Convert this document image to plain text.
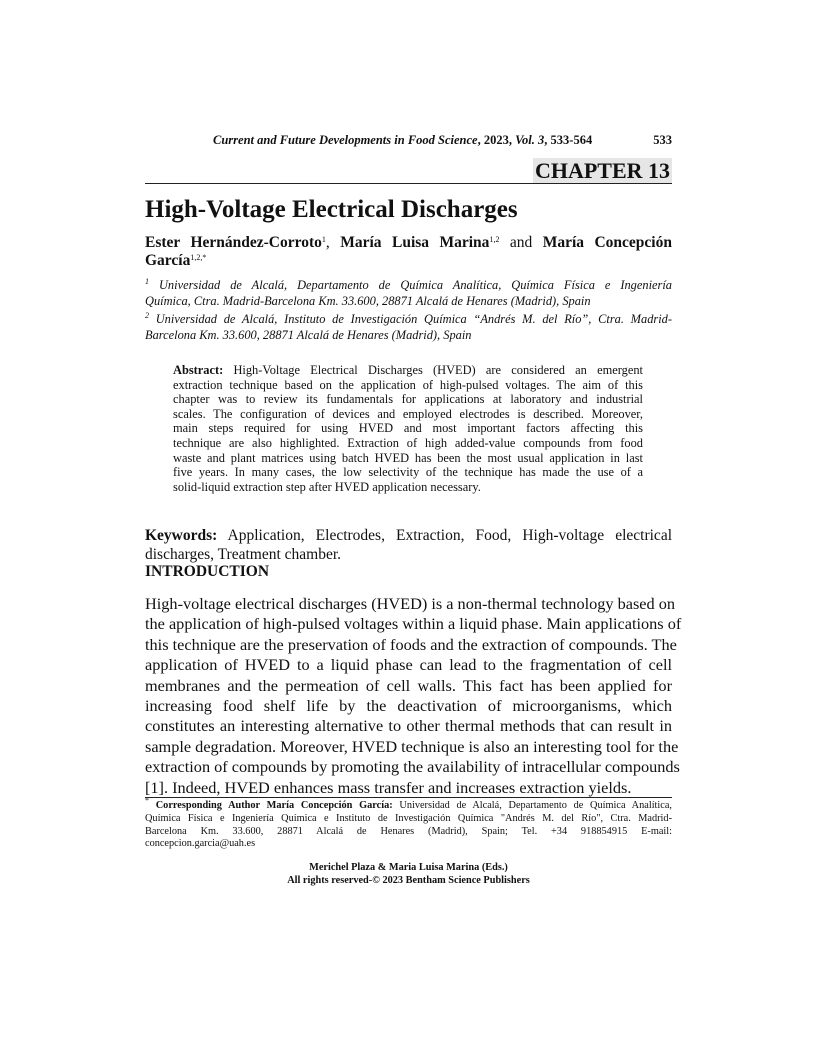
Current and Future Developments in Food Science, 2023, Vol. 3, 533-564	533
CHAPTER 13
High-Voltage Electrical Discharges
Ester Hernández-Corroto$^1$, María Luisa Marina$^{1,2}$ and María Concepción
García$^{1,2,*}$
$^1$ Universidad de Alcalá, Departamento de Química Analítica, Química Física e Ingeniería
Química, Ctra. Madrid-Barcelona Km. 33.600, 28871 Alcalá de Henares (Madrid), Spain
$^2$ Universidad de Alcalá, Instituto de Investigación Química “Andrés M. del Río”, Ctra. Madrid-
Barcelona Km. 33.600, 28871 Alcalá de Henares (Madrid), Spain
Abstract: High-Voltage Electrical Discharges (HVED) are considered an emergent
extraction technique based on the application of high-pulsed voltages. The aim of this
chapter was to review its fundamentals for applications at laboratory and industrial
scales. The configuration of devices and employed electrodes is described. Moreover,
main steps required for using HVED and most important factors affecting this
technique are also highlighted. Extraction of high added-value compounds from food
waste and plant matrices using batch HVED has been the most usual application in last
five years. In many cases, the low selectivity of the technique has made the use of a
solid-liquid extraction step after HVED application necessary.
Keywords: Application, Electrodes, Extraction, Food, High-voltage electrical
discharges, Treatment chamber.
INTRODUCTION
High-voltage electrical discharges (HVED) is a non-thermal technology based on
the application of high-pulsed voltages within a liquid phase. Main applications of
this technique are the preservation of foods and the extraction of compounds. The
application of HVED to a liquid phase can lead to the fragmentation of cell
membranes and the permeation of cell walls. This fact has been applied for
increasing food shelf life by the deactivation of microorganisms, which
constitutes an interesting alternative to other thermal methods that can result in
sample degradation. Moreover, HVED technique is also an interesting tool for the
extraction of compounds by promoting the availability of intracellular compounds
[1]. Indeed, HVED enhances mass transfer and increases extraction yields.
* Corresponding Author María Concepción García: Universidad de Alcalá, Departamento de Química Analítica,
Química Física e Ingeniería Química e Instituto de Investigación Química "Andrés M. del Río", Ctra. Madrid-
Barcelona Km. 33.600, 28871 Alcalá de Henares (Madrid), Spain; Tel. +34 918854915 E-mail:
concepcion.garcia@uah.es
Merichel Plaza & Maria Luisa Marina (Eds.)
All rights reserved-© 2023 Bentham Science Publishers
